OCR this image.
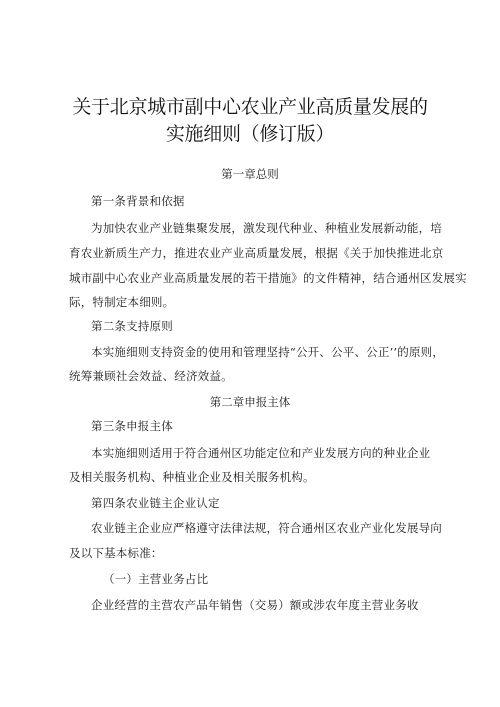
关于北京城市副中心农业产业高质量发展的
实施细则（修订版）
第一章总则
第一条背景和依据
为加快农业产业链集聚发展，激发现代种业、种植业发展新动能，培
育农业新质生产力，推进农业产业高质量发展，根据《关于加快推进北京
城市副中心农业产业高质量发展的若干措施》的文件精神，结合通州区发展实
际，特制定本细则。
第二条支持原则
本实施细则支持资金的使用和管理坚持“公开、公平、公正’’的原则，
统筹兼顾社会效益、经济效益。
第二章申报主体
第三条申报主体
本实施细则适用于符合通州区功能定位和产业发展方向的种业企业
及相关服务机构、种植业企业及相关服务机构。
第四条农业链主企业认定
农业链主企业应严格遵守法律法规，符合通州区农业产业化发展导向
及以下基本标准：
（一）主营业务占比
企业经营的主营农产品年销售（交易）额或涉农年度主营业务收
